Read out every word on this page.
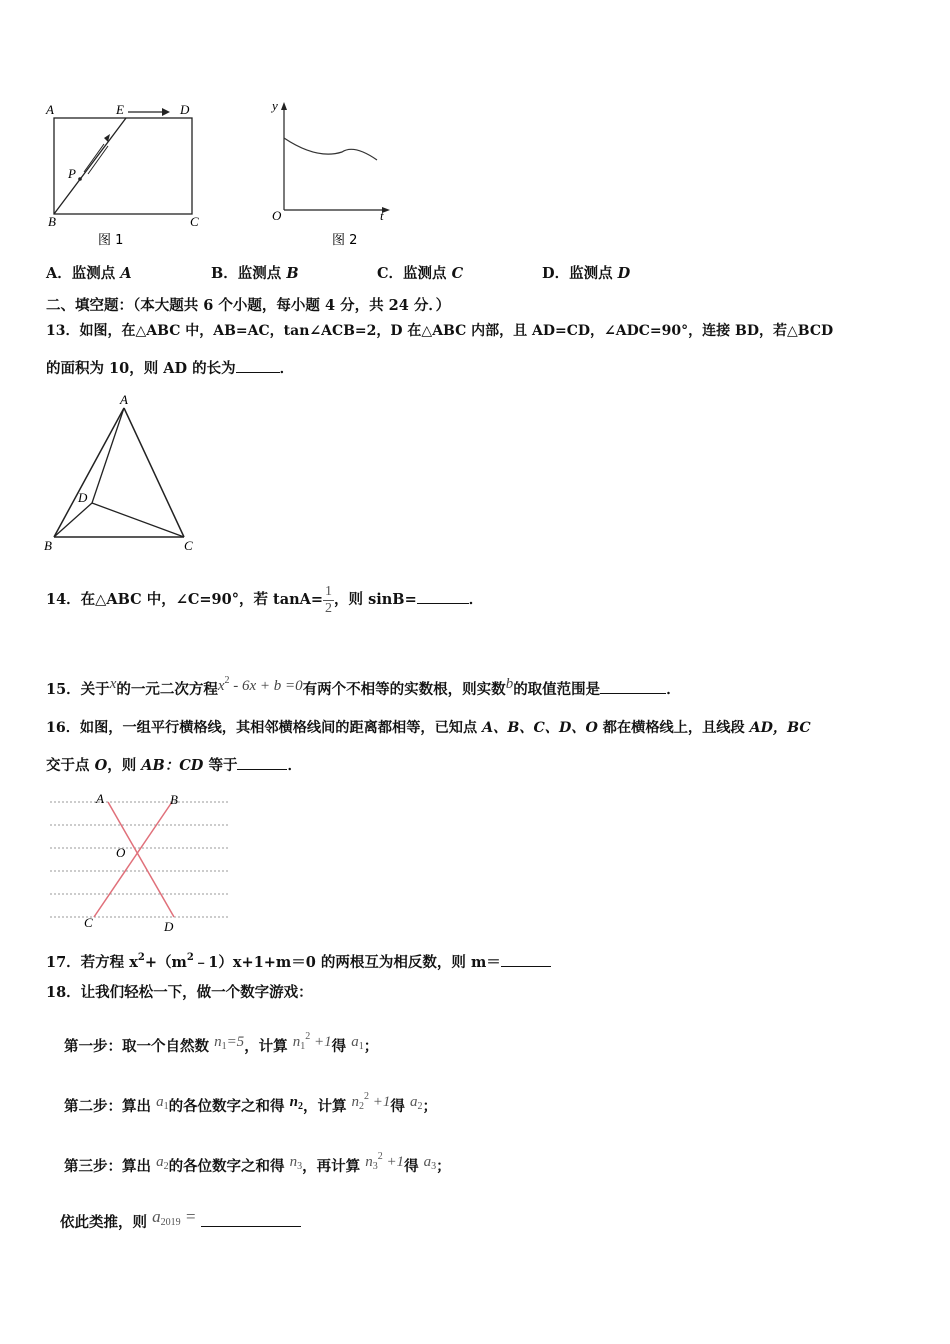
A	E	D
P
B	C
图 1
y
O	t
图 2
A．监测点 A	B．监测点 B	C．监测点 C	D．监测点 D
二、填空题：（本大题共 6 个小题，每小题 4 分，共 24 分．）
13．如图，在△ABC 中，AB=AC，tan∠ACB=2，D 在△ABC 内部，且 AD=CD，∠ADC=90°，连接 BD，若△BCD
的面积为 10，则 AD 的长为	．
A
D
B	C
14．在△ABC 中，∠C=90°，若 $\tan A= \frac{1}{2}$ ，则 sinB=	．
15．关于x的一元二次方程$x^2 - 6x + b =0$有两个不相等的实数根，则实数b的取值范围是	．
16．如图，一组平行横格线，其相邻横格线间的距离都相等，已知点 A、B、C、D、O 都在横格线上，且线段 AD，BC
交于点 O，则 AB：CD 等于	．
A	B
O
C	D
17．若方程 $x^2+(m^2﹣1)x+1+m=0$ 的两根互为相反数，则 m＝
18．让我们轻松一下，做一个数字游戏：
第一步：取一个自然数 $n_1=5$，计算 $n_1^2 +1$得 $a_1$；
第二步：算出 $a_1$的各位数字之和得 $n_2$，计算 $n_2^2 +1$得 $a_2$；
第三步：算出 $a_2$的各位数字之和得 $n_3$，再计算 $n_3^2 +1$得 $a_3$；
依此类推，则 $a_{2019}$ =
